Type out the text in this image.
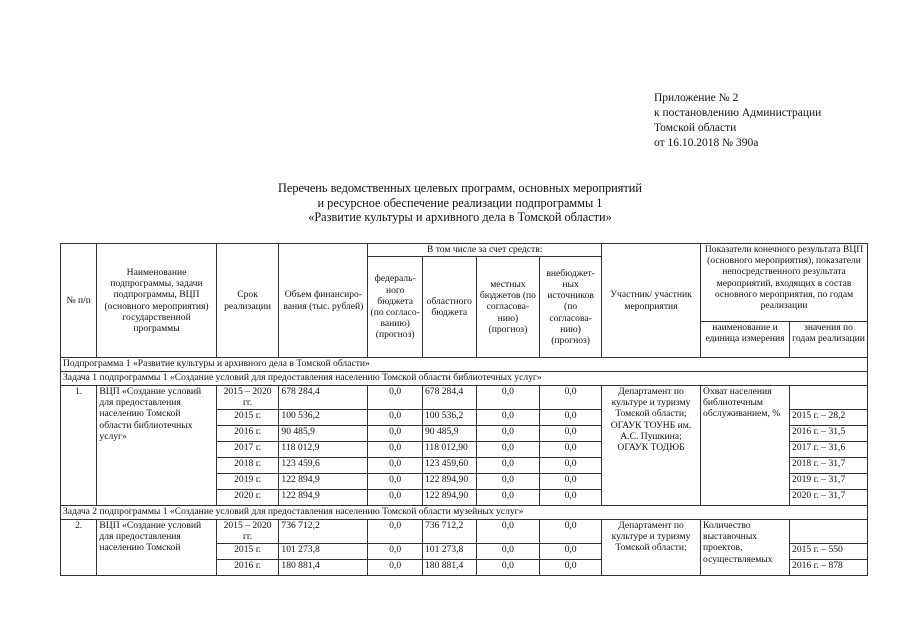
Приложение № 2
к постановлению Администрации
Томской области
от 16.10.2018 № 390а
Перечень ведомственных целевых программ, основных мероприятий
и ресурсное обеспечение реализации подпрограммы 1
«Развитие культуры и архивного дела в Томской области»
№ п/п	Наименование подпрограммы, задачи подпрограммы, ВЦП (основного мероприятия) государственной программы	Срок реализации	Объем финансиро-вания (тыс. рублей)	В том числе за счет средств:				Участник/ участник мероприятия	Показатели конечного результата ВЦП (основного мероприятия), показатели непосредственного результата мероприятий, входящих в состав основного мероприятия, по годам реализации	
				федераль-ного бюджета (по согласо-ванию) (прогноз)	областного бюджета	местных бюджетов (по согласова-нию) (прогноз)	внебюджет-ных источников (по согласова-нию) (прогноз)			
									наименование и единица измерения	значения по годам реализации
Подпрограмма 1 «Развитие культуры и архивного дела в Томской области»										
Задача 1 подпрограммы 1 «Создание условий для предоставления населению Томской области библиотечных услуг»										
1.	ВЦП «Создание условий для предоставления населению Томской области библиотечных услуг»	2015 – 2020 гг.	678 284,4	0,0	678 284,4	0,0	0,0	Департамент по культуре и туризму Томской области; ОГАУК ТОУНБ им. А.С. Пушкина; ОГАУК ТОДЮБ	Охват населения библиотечным обслуживанием, %	
		2015 г.	100 536,2	0,0	100 536,2	0,0	0,0			2015 г. – 28,2
		2016 г.	90 485,9	0,0	90 485,9	0,0	0,0			2016 г. – 31,5
		2017 г.	118 012,9	0,0	118 012,90	0,0	0,0			2017 г. – 31,6
		2018 г.	123 459,6	0,0	123 459,60	0,0	0,0			2018 г. – 31,7
		2019 г.	122 894,9	0,0	122 894,90	0,0	0,0			2019 г. – 31,7
		2020 г.	122 894,9	0,0	122 894,90	0,0	0,0			2020 г. – 31,7
Задача 2 подпрограммы 1 «Создание условий для предоставления населению Томской области музейных услуг»										
2.	ВЦП «Создание условий для предоставления населению Томской	2015 – 2020 гг.	736 712,2	0,0	736 712,2	0,0	0,0	Департамент по культуре и туризму Томской области;	Количество выставочных проектов, осуществляемых	
		2015 г.	101 273,8	0,0	101 273,8	0,0	0,0			2015 г. – 550
		2016 г.	180 881,4	0,0	180 881,4	0,0	0,0			2016 г. – 878
